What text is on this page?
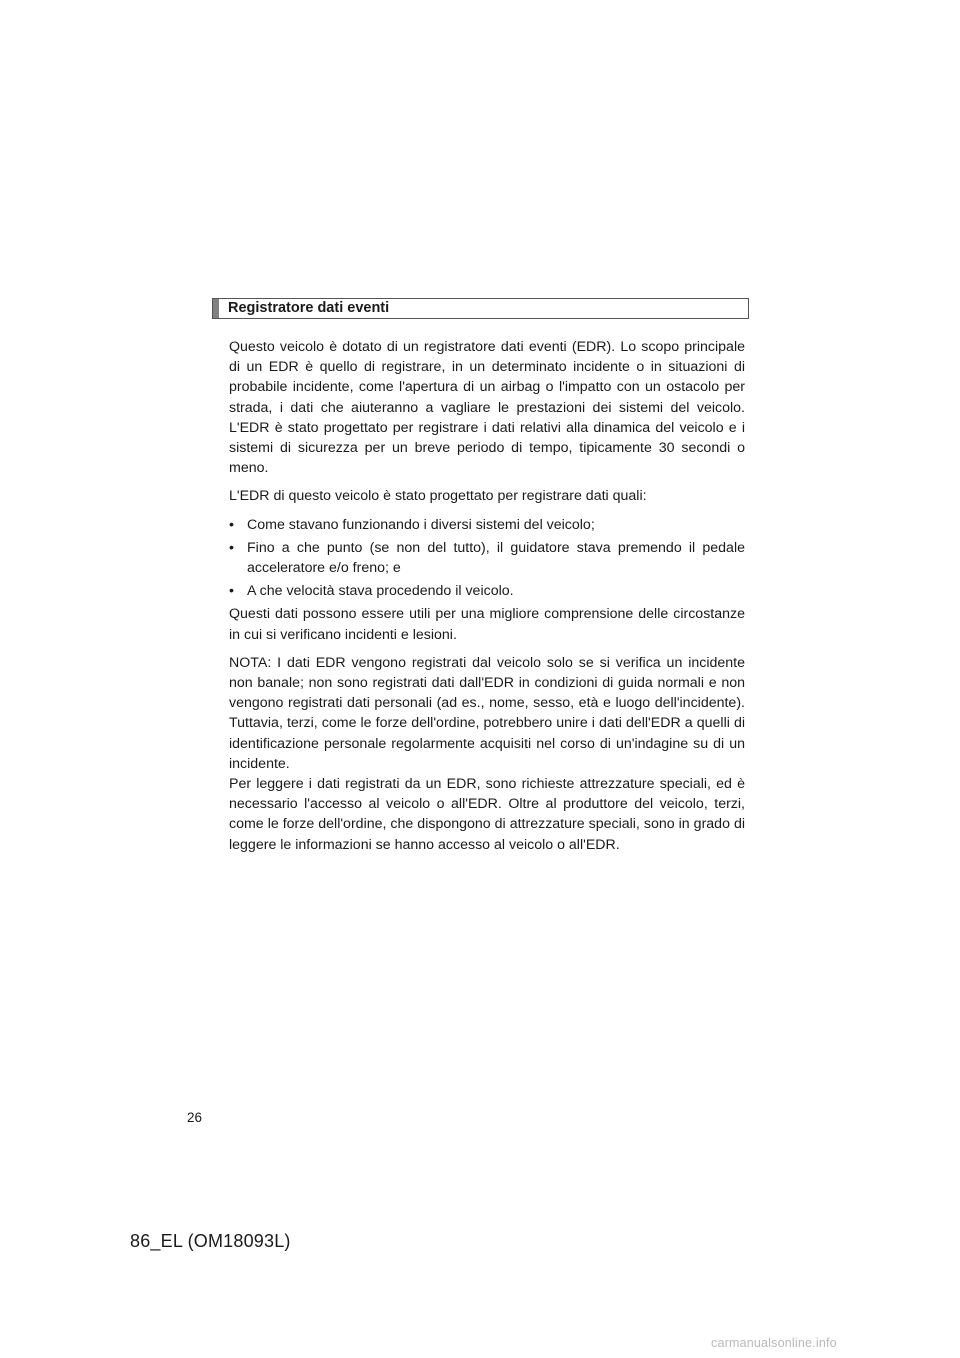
Registratore dati eventi

Questo veicolo è dotato di un registratore dati eventi (EDR). Lo scopo principale di un EDR è quello di registrare, in un determinato incidente o in situazioni di probabile incidente, come l'apertura di un airbag o l'impatto con un ostacolo per strada, i dati che aiuteranno a vagliare le prestazioni dei sistemi del veicolo. L'EDR è stato progettato per registrare i dati relativi alla dinamica del veicolo e i sistemi di sicurezza per un breve periodo di tempo, tipicamente 30 secondi o meno.

L'EDR di questo veicolo è stato progettato per registrare dati quali:

• Come stavano funzionando i diversi sistemi del veicolo;
• Fino a che punto (se non del tutto), il guidatore stava premendo il pedale acceleratore e/o freno; e
• A che velocità stava procedendo il veicolo.

Questi dati possono essere utili per una migliore comprensione delle circostanze in cui si verificano incidenti e lesioni.

NOTA: I dati EDR vengono registrati dal veicolo solo se si verifica un incidente non banale; non sono registrati dati dall'EDR in condizioni di guida normali e non vengono registrati dati personali (ad es., nome, sesso, età e luogo dell'incidente). Tuttavia, terzi, come le forze dell'ordine, potrebbero unire i dati dell'EDR a quelli di identificazione personale regolarmente acquisiti nel corso di un'indagine su di un incidente.

Per leggere i dati registrati da un EDR, sono richieste attrezzature speciali, ed è necessario l'accesso al veicolo o all'EDR. Oltre al produttore del veicolo, terzi, come le forze dell'ordine, che dispongono di attrezzature speciali, sono in grado di leggere le informazioni se hanno accesso al veicolo o all'EDR.

26
86_EL (OM18093L)
carmanualsonline.info
